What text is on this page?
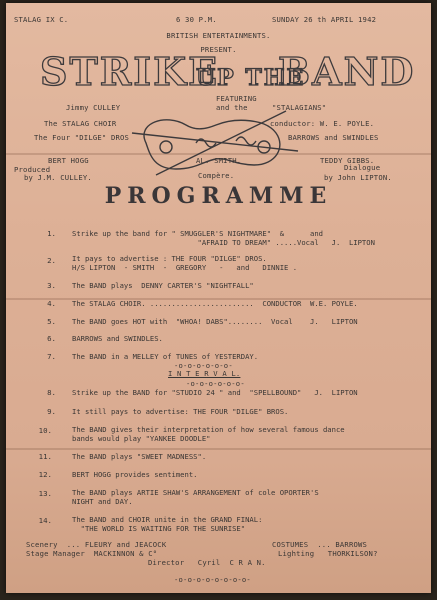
STALAG IX C.	6 30 P.M.	SUNDAY 26 th APRIL 1942
BRITISH ENTERTAINMENTS.
PRESENT.
STRIKE
UP THE
BAND
FEATURING
Jimmy CULLEY	and the	"STALAGIANS"
The STALAG CHOIR	conductor: W. E. POYLE.
The Four "DILGE" DROS	BARROWS and SWINDLES
BERT HOGG	AL. SMITH.	TEDDY GIBBS.
Produced	Dialogue
by J.M. CULLEY.	Compère.	by John LIPTON.
PROGRAMME
1. Strike up the band for " SMUGGLER'S NIGHTMARE"  &      and
"AFRAID TO DREAM" .....Vocal   J.  LIPTON
2. It pays to advertise : THE FOUR "DILGE" DROS.
H/S LIPTON  - SMITH  -  GREGORY   -   and   DINNIE .
3. The BAND plays  DENNY CARTER'S "NIGHTFALL"
4. The STALAG CHOIR. ........................  CONDUCTOR  W.E. POYLE.
5. The BAND goes HOT with  "WHOA! DABS"........  Vocal    J.   LIPTON
6. BARROWS and SWINDLES.
7. The BAND in a MELLEY of TUNES of YESTERDAY.
-o-o-o-o-o-o-
I N T E R V A L.
-o-o-o-o-o-o-
8. Strike up the BAND for "STUDIO 24 " and  "SPELLBOUND"   J.  LIPTON
9. It still pays to advertise: THE FOUR "DILGE" BROS.
10.	The BAND gives their interpretation of how several famous dance
bands would play "YANKEE DOODLE"
11.	The BAND plays "SWEET MADNESS".
12.	BERT HOGG provides sentiment.
13.	The BAND plays ARTIE SHAW'S ARRANGEMENT of cole OPORTER'S
NIGHT and DAY.
14.	The BAND and CHOIR unite in the GRAND FINAL:
"THE WORLD IS WAITING FOR THE SUNRISE"
Scenery  ... FLEURY and JEACOCK	COSTUMES  ... BARROWS
Stage Manager  MACKINNON & C°	Lighting   THORKILSON?
Director   Cyril  C R A N.
-o-o-o-o-o-o-o-o-
